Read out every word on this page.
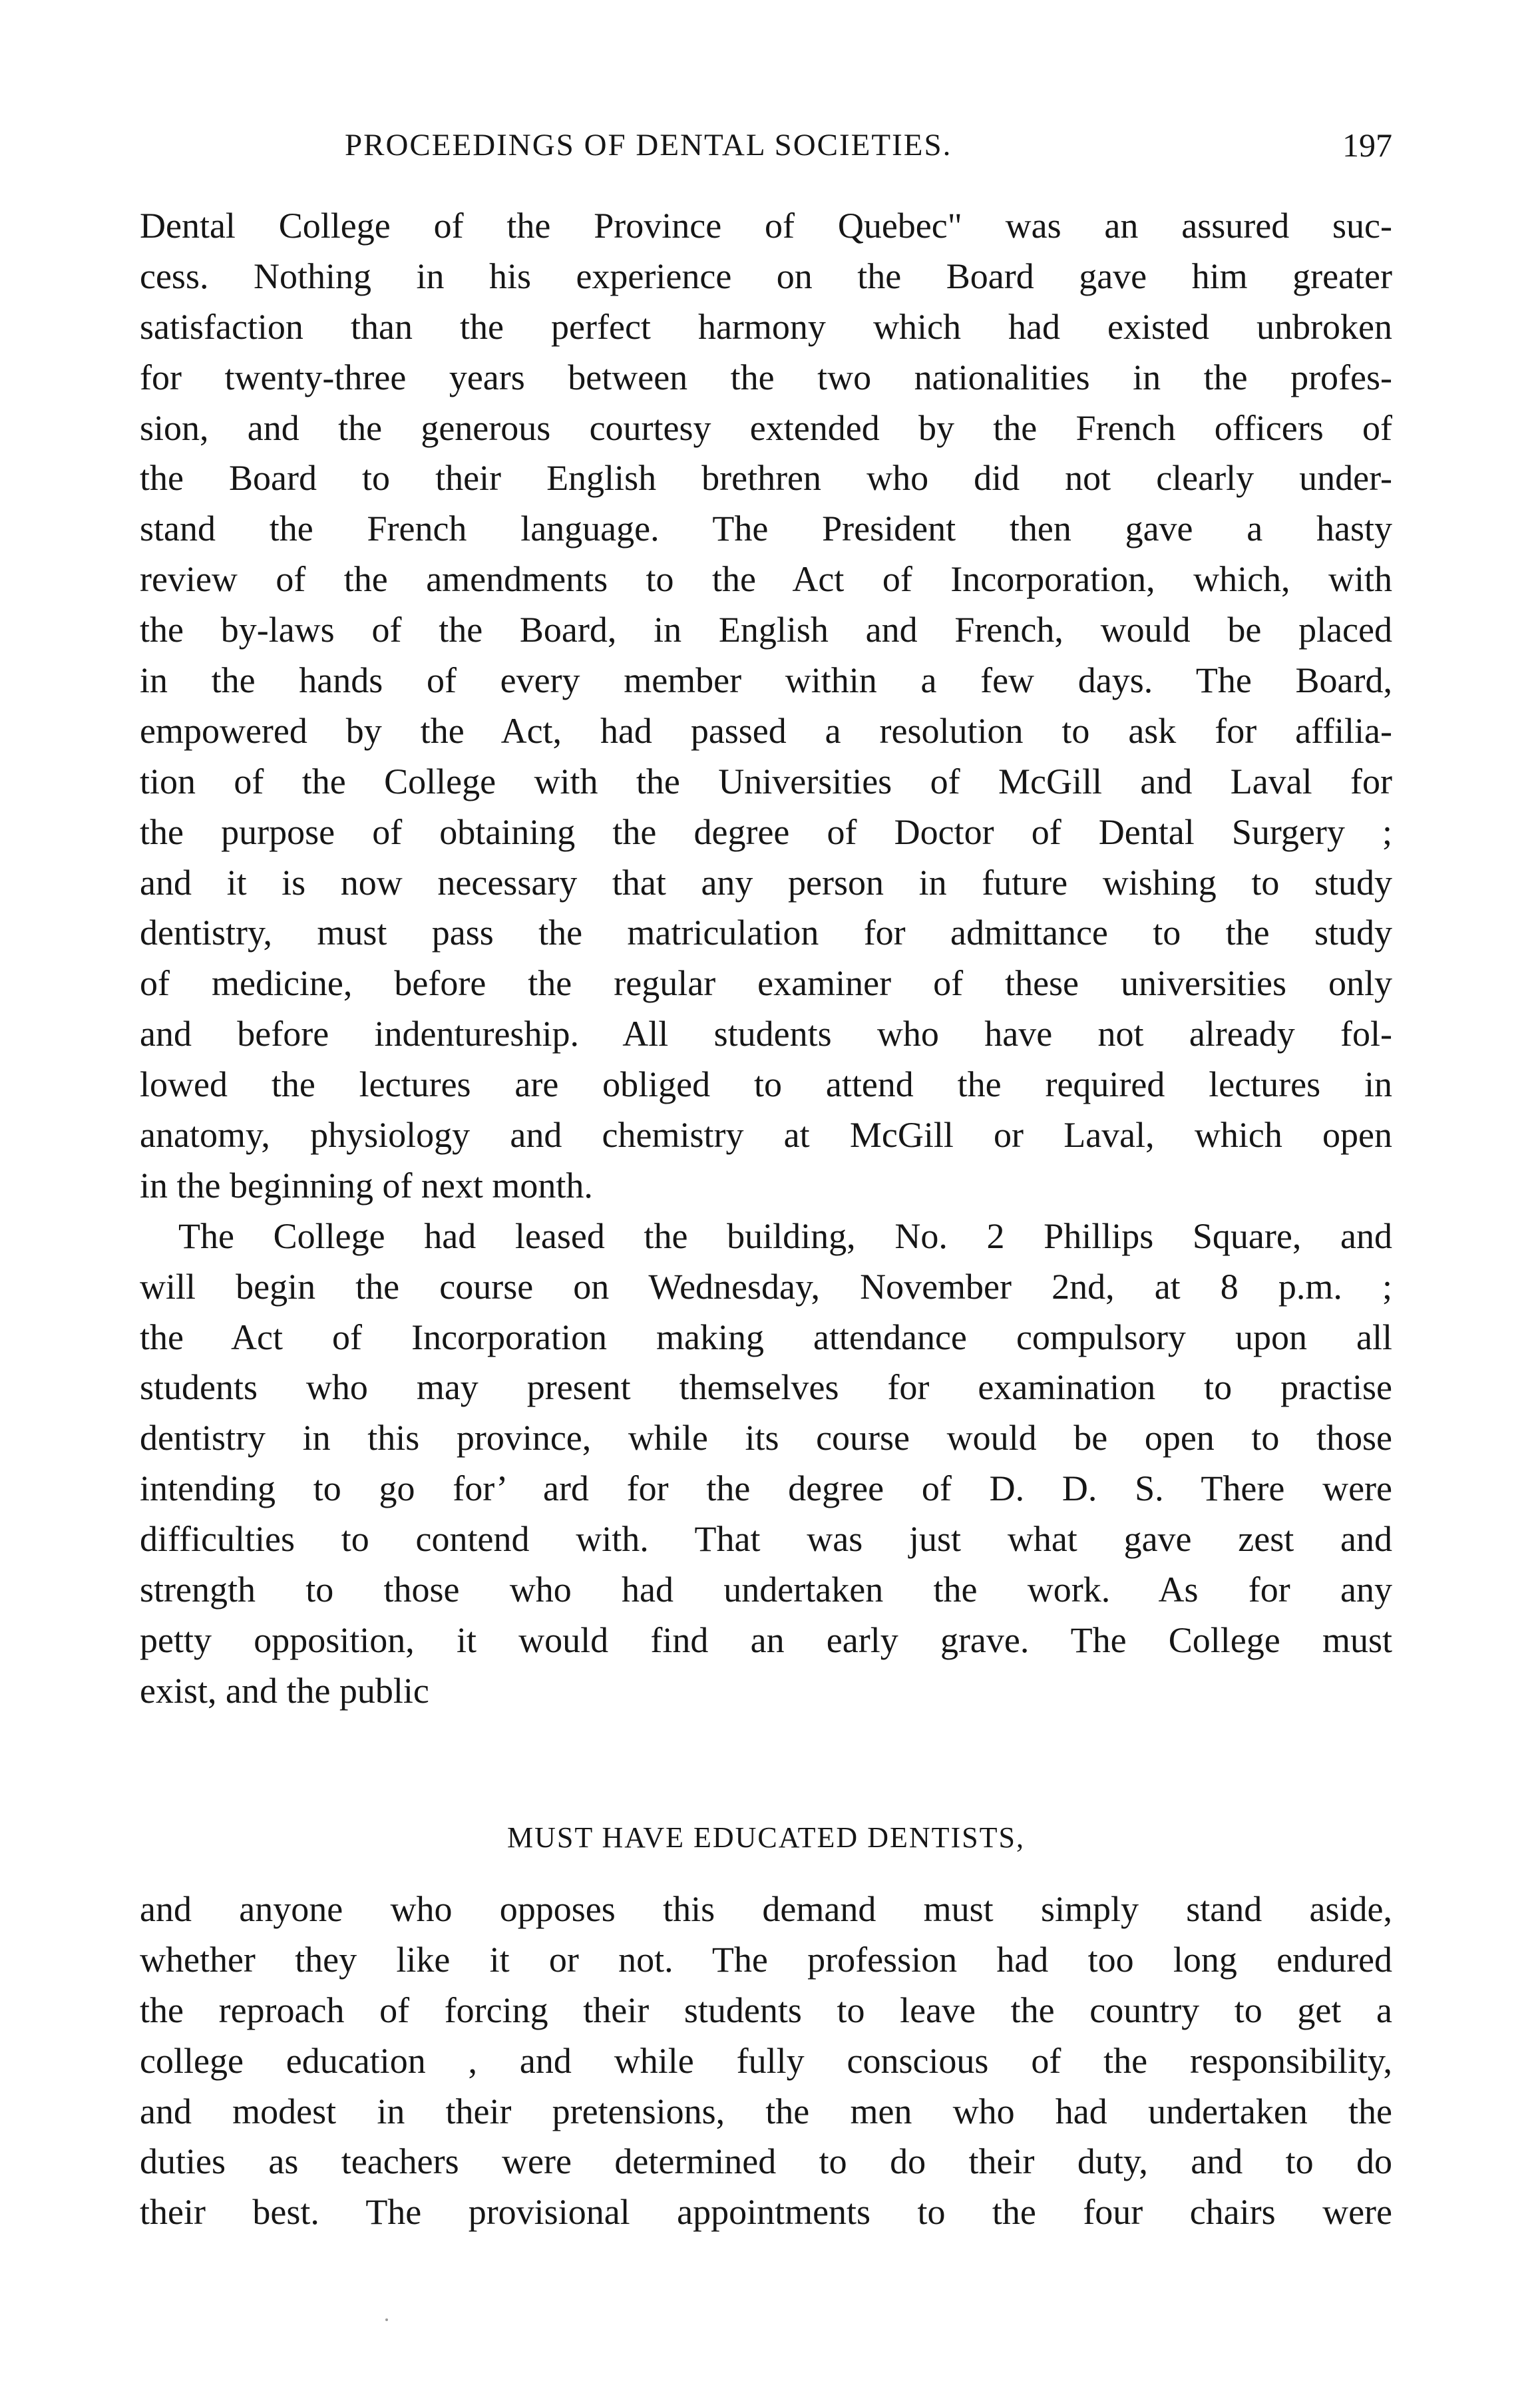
PROCEEDINGS OF DENTAL SOCIETIES.	197
Dental College of the Province of Quebec" was an assured suc-
cess. Nothing in his experience on the Board gave him greater
satisfaction than the perfect harmony which had existed unbroken
for twenty-three years between the two nationalities in the profes-
sion, and the generous courtesy extended by the French officers of
the Board to their English brethren who did not clearly under-
stand the French language. The President then gave a hasty
review of the amendments to the Act of Incorporation, which, with
the by-laws of the Board, in English and French, would be placed
in the hands of every member within a few days. The Board,
empowered by the Act, had passed a resolution to ask for affilia-
tion of the College with the Universities of McGill and Laval for
the purpose of obtaining the degree of Doctor of Dental Surgery ;
and it is now necessary that any person in future wishing to study
dentistry, must pass the matriculation for admittance to the study
of medicine, before the regular examiner of these universities only
and before indentureship. All students who have not already fol-
lowed the lectures are obliged to attend the required lectures in
anatomy, physiology and chemistry at McGill or Laval, which open
in the beginning of next month.
The College had leased the building, No. 2 Phillips Square, and
will begin the course on Wednesday, November 2nd, at 8 p.m. ;
the Act of Incorporation making attendance compulsory upon all
students who may present themselves for examination to practise
dentistry in this province, while its course would be open to those
intending to go for’ ard for the degree of D. D. S. There were
difficulties to contend with. That was just what gave zest and
strength to those who had undertaken the work. As for any
petty opposition, it would find an early grave. The College must
exist, and the public
MUST HAVE EDUCATED DENTISTS,
and anyone who opposes this demand must simply stand aside,
whether they like it or not. The profession had too long endured
the reproach of forcing their students to leave the country to get a
college education , and while fully conscious of the responsibility,
and modest in their pretensions, the men who had undertaken the
duties as teachers were determined to do their duty, and to do
their best. The provisional appointments to the four chairs were
